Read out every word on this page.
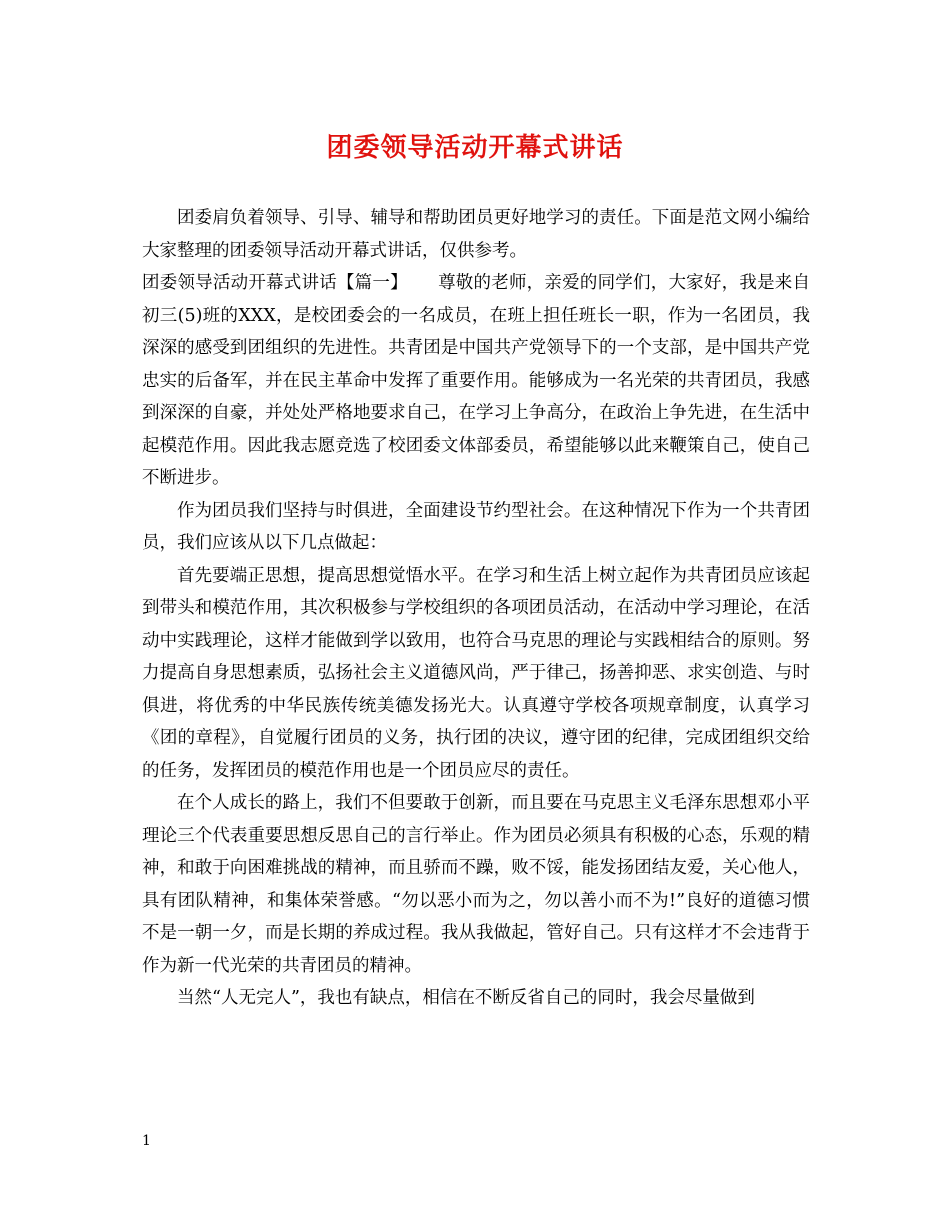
团委领导活动开幕式讲话

团委肩负着领导、引导、辅导和帮助团员更好地学习的责任。下面是范文网小编给大家整理的团委领导活动开幕式讲话，仅供参考。

团委领导活动开幕式讲话【篇一】 尊敬的老师，亲爱的同学们，大家好，我是来自初三(5)班的XXX，是校团委会的一名成员，在班上担任班长一职，作为一名团员，我深深的感受到团组织的先进性。共青团是中国共产党领导下的一个支部，是中国共产党忠实的后备军，并在民主革命中发挥了重要作用。能够成为一名光荣的共青团员，我感到深深的自豪，并处处严格地要求自己，在学习上争高分，在政治上争先进，在生活中起模范作用。因此我志愿竞选了校团委文体部委员，希望能够以此来鞭策自己，使自己不断进步。

作为团员我们坚持与时俱进，全面建设节约型社会。在这种情况下作为一个共青团员，我们应该从以下几点做起：

首先要端正思想，提高思想觉悟水平。在学习和生活上树立起作为共青团员应该起到带头和模范作用，其次积极参与学校组织的各项团员活动，在活动中学习理论，在活动中实践理论，这样才能做到学以致用，也符合马克思的理论与实践相结合的原则。努力提高自身思想素质，弘扬社会主义道德风尚，严于律己，扬善抑恶、求实创造、与时俱进，将优秀的中华民族传统美德发扬光大。认真遵守学校各项规章制度，认真学习《团的章程》，自觉履行团员的义务，执行团的决议，遵守团的纪律，完成团组织交给的任务，发挥团员的模范作用也是一个团员应尽的责任。

在个人成长的路上，我们不但要敢于创新，而且要在马克思主义毛泽东思想邓小平理论三个代表重要思想反思自己的言行举止。作为团员必须具有积极的心态，乐观的精神，和敢于向困难挑战的精神，而且骄而不躁，败不馁，能发扬团结友爱，关心他人，具有团队精神，和集体荣誉感。“勿以恶小而为之，勿以善小而不为!”良好的道德习惯不是一朝一夕，而是长期的养成过程。我从我做起，管好自己。只有这样才不会违背于作为新一代光荣的共青团员的精神。

当然“人无完人”，我也有缺点，相信在不断反省自己的同时，我会尽量做到

1
